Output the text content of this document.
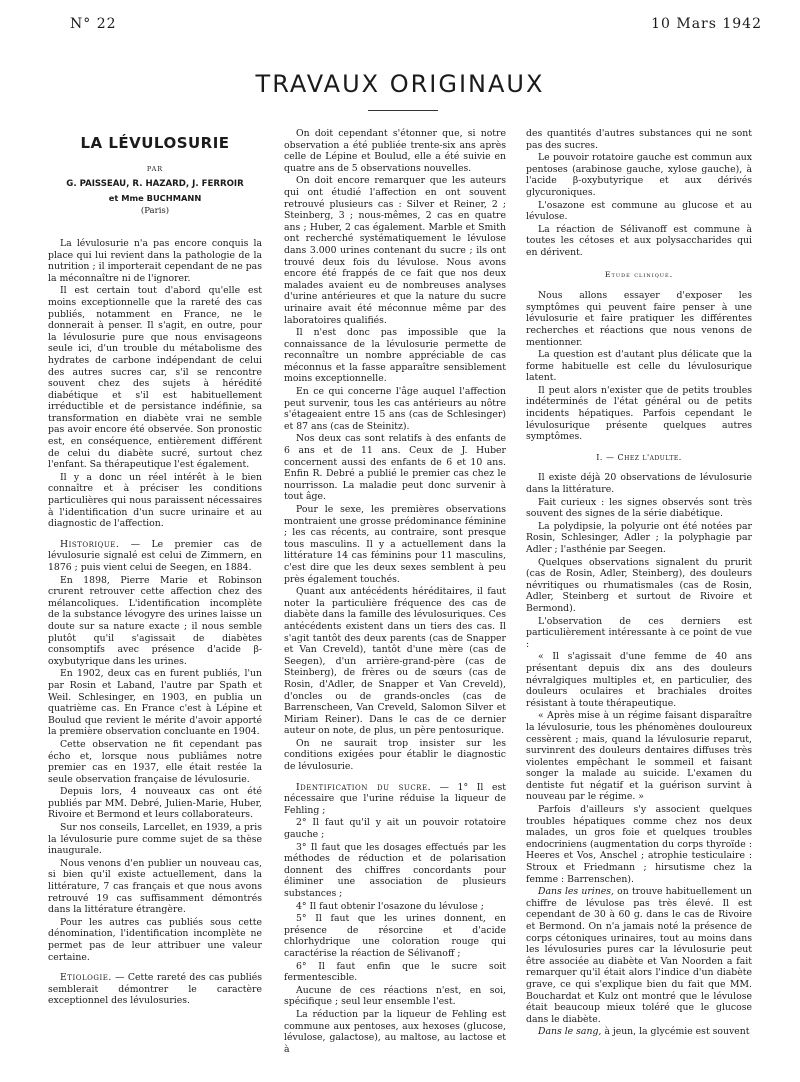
N° 22	10 Mars 1942
TRAVAUX ORIGINAUX
LA LÉVULOSURIE
PAR
G. PAISSEAU, R. HAZARD, J. FERROIR
et Mme BUCHMANN
(Paris)

La lévulosurie n'a pas encore conquis la place qui lui revient dans la pathologie de la nutrition ; il importerait cependant de ne pas la méconnaître ni de l'ignorer.

Il est certain tout d'abord qu'elle est moins exceptionnelle que la rareté des cas publiés, notamment en France, ne le donnerait à penser. Il s'agit, en outre, pour la lévulosurie pure que nous envisageons seule ici, d'un trouble du métabolisme des hydrates de carbone indépendant de celui des autres sucres car, s'il se rencontre souvent chez des sujets à hérédité diabétique et s'il est habituellement irréductible et de persistance indéfinie, sa transformation en diabète vrai ne semble pas avoir encore été observée. Son pronostic est, en conséquence, entièrement différent de celui du diabète sucré, surtout chez l'enfant. Sa thérapeutique l'est également.

Il y a donc un réel intérêt à le bien connaître et à préciser les conditions particulières qui nous paraissent nécessaires à l'identification d'un sucre urinaire et au diagnostic de l'affection.

Historique. — Le premier cas de lévulosurie signalé est celui de Zimmern, en 1876 ; puis vient celui de Seegen, en 1884.

En 1898, Pierre Marie et Robinson crurent retrouver cette affection chez des mélancoliques. L'identification incomplète de la substance lévogyre des urines laisse un doute sur sa nature exacte ; il nous semble plutôt qu'il s'agissait de diabètes consomptifs avec présence d'acide β-oxybutyrique dans les urines.

En 1902, deux cas en furent publiés, l'un par Rosin et Laband, l'autre par Spath et Weil. Schlesinger, en 1903, en publia un quatrième cas. En France c'est à Lépine et Boulud que revient le mérite d'avoir apporté la première observation concluante en 1904.

Cette observation ne fit cependant pas écho et, lorsque nous publiâmes notre premier cas en 1937, elle était restée la seule observation française de lévulosurie.

Depuis lors, 4 nouveaux cas ont été publiés par MM. Debré, Julien-Marie, Huber, Rivoire et Bermond et leurs collaborateurs.

Sur nos conseils, Larcellet, en 1939, a pris la lévulosurie pure comme sujet de sa thèse inaugurale.

Nous venons d'en publier un nouveau cas, si bien qu'il existe actuellement, dans la littérature, 7 cas français et que nous avons retrouvé 19 cas suffisamment démontrés dans la littérature étrangère.

Pour les autres cas publiés sous cette dénomination, l'identification incomplète ne permet pas de leur attribuer une valeur certaine.

Etiologie. — Cette rareté des cas publiés semblerait démontrer le caractère exceptionnel des lévulosuries.

On doit cependant s'étonner que, si notre observation a été publiée trente-six ans après celle de Lépine et Boulud, elle a été suivie en quatre ans de 5 observations nouvelles.

On doit encore remarquer que les auteurs qui ont étudié l'affection en ont souvent retrouvé plusieurs cas : Silver et Reiner, 2 ; Steinberg, 3 ; nous-mêmes, 2 cas en quatre ans ; Huber, 2 cas également. Marble et Smith ont recherché systématiquement le lévulose dans 3.000 urines contenant du sucre ; ils ont trouvé deux fois du lévulose. Nous avons encore été frappés de ce fait que nos deux malades avaient eu de nombreuses analyses d'urine antérieures et que la nature du sucre urinaire avait été méconnue même par des laboratoires qualifiés.

Il n'est donc pas impossible que la connaissance de la lévulosurie permette de reconnaître un nombre appréciable de cas méconnus et la fasse apparaître sensiblement moins exceptionnelle.

En ce qui concerne l'âge auquel l'affection peut survenir, tous les cas antérieurs au nôtre s'étageaient entre 15 ans (cas de Schlesinger) et 87 ans (cas de Steinitz).

Nos deux cas sont relatifs à des enfants de 6 ans et de 11 ans. Ceux de J. Huber concernent aussi des enfants de 6 et 10 ans. Enfin R. Debré a publié le premier cas chez le nourrisson. La maladie peut donc survenir à tout âge.

Pour le sexe, les premières observations montraient une grosse prédominance féminine ; les cas récents, au contraire, sont presque tous masculins. Il y a actuellement dans la littérature 14 cas féminins pour 11 masculins, c'est dire que les deux sexes semblent à peu près également touchés.

Quant aux antécédents héréditaires, il faut noter la particulière fréquence des cas de diabète dans la famille des lévulosuriques. Ces antécédents existent dans un tiers des cas. Il s'agit tantôt des deux parents (cas de Snapper et Van Creveld), tantôt d'une mère (cas de Seegen), d'un arrière-grand-père (cas de Steinberg), de frères ou de sœurs (cas de Rosin, d'Adler, de Snapper et Van Creveld), d'oncles ou de grands-oncles (cas de Barrenscheen, Van Creveld, Salomon Silver et Miriam Reiner). Dans le cas de ce dernier auteur on note, de plus, un père pentosurique.

On ne saurait trop insister sur les conditions exigées pour établir le diagnostic de lévulosurie.

Identification du sucre. — 1° Il est nécessaire que l'urine réduise la liqueur de Fehling ;

2° Il faut qu'il y ait un pouvoir rotatoire gauche ;

3° Il faut que les dosages effectués par les méthodes de réduction et de polarisation donnent des chiffres concordants pour éliminer une association de plusieurs substances ;

4° Il faut obtenir l'osazone du lévulose ;

5° Il faut que les urines donnent, en présence de résorcine et d'acide chlorhydrique une coloration rouge qui caractérise la réaction de Sélivanoff ;

6° Il faut enfin que le sucre soit fermentescible.

Aucune de ces réactions n'est, en soi, spécifique ; seul leur ensemble l'est.

La réduction par la liqueur de Fehling est commune aux pentoses, aux hexoses (glucose, lévulose, galactose), au maltose, au lactose et à

des quantités d'autres substances qui ne sont pas des sucres.

Le pouvoir rotatoire gauche est commun aux pentoses (arabinose gauche, xylose gauche), à l'acide β-oxybutyrique et aux dérivés glycuroniques.

L'osazone est commune au glucose et au lévulose.

La réaction de Sélivanoff est commune à toutes les cétoses et aux polysaccharides qui en dérivent.

Etude clinique.

Nous allons essayer d'exposer les symptômes qui peuvent faire penser à une lévulosurie et faire pratiquer les différentes recherches et réactions que nous venons de mentionner.

La question est d'autant plus délicate que la forme habituelle est celle du lévulosurique latent.

Il peut alors n'exister que de petits troubles indéterminés de l'état général ou de petits incidents hépatiques. Parfois cependant le lévulosurique présente quelques autres symptômes.

I. — Chez l'adulte.

Il existe déjà 20 observations de lévulosurie dans la littérature.

Fait curieux : les signes observés sont très souvent des signes de la série diabétique.

La polydipsie, la polyurie ont été notées par Rosin, Schlesinger, Adler ; la polyphagie par Adler ; l'asthénie par Seegen.

Quelques observations signalent du prurit (cas de Rosin, Adler, Steinberg), des douleurs névritiques ou rhumatismales (cas de Rosin, Adler, Steinberg et surtout de Rivoire et Bermond).

L'observation de ces derniers est particulièrement intéressante à ce point de vue :

« Il s'agissait d'une femme de 40 ans présentant depuis dix ans des douleurs névralgiques multiples et, en particulier, des douleurs oculaires et brachiales droites résistant à toute thérapeutique.

« Après mise à un régime faisant disparaître la lévulosurie, tous les phénomènes douloureux cessèrent ; mais, quand la lévulosurie reparut, survinrent des douleurs dentaires diffuses très violentes empêchant le sommeil et faisant songer la malade au suicide. L'examen du dentiste fut négatif et la guérison survint à nouveau par le régime. »

Parfois d'ailleurs s'y associent quelques troubles hépatiques comme chez nos deux malades, un gros foie et quelques troubles endocriniens (augmentation du corps thyroïde : Heeres et Vos, Anschel ; atrophie testiculaire : Stroux et Friedmann ; hirsutisme chez la femme : Barrenschen).

Dans les urines, on trouve habituellement un chiffre de lévulose pas très élevé. Il est cependant de 30 à 60 g. dans le cas de Rivoire et Bermond. On n'a jamais noté la présence de corps cétoniques urinaires, tout au moins dans les lévulosuries pures car la lévulosurie peut être associée au diabète et Van Noorden a fait remarquer qu'il était alors l'indice d'un diabète grave, ce qui s'explique bien du fait que MM. Bouchardat et Kulz ont montré que le lévulose était beaucoup mieux toléré que le glucose dans le diabète.

Dans le sang, à jeun, la glycémie est souvent
